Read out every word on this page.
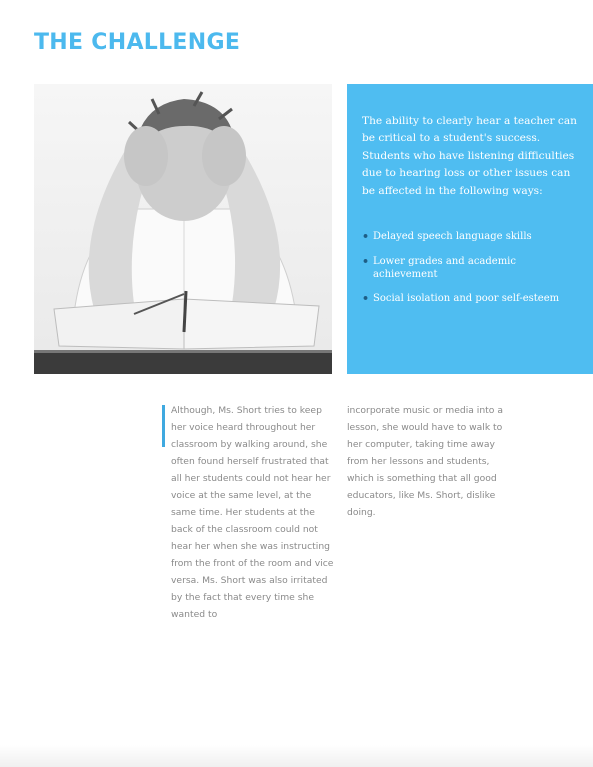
THE CHALLENGE

The ability to clearly hear a teacher can be critical to a student's success. Students who have listening difficulties due to hearing loss or other issues can be affected in the following ways:

• Delayed speech language skills
• Lower grades and academic achievement
• Social isolation and poor self-esteem

Although, Ms. Short tries to keep her voice heard throughout her classroom by walking around, she often found herself frustrated that all her students could not hear her voice at the same level, at the same time. Her students at the back of the classroom could not hear her when she was instructing from the front of the room and vice versa. Ms. Short was also irritated by the fact that every time she wanted to

incorporate music or media into a lesson, she would have to walk to her computer, taking time away from her lessons and students, which is something that all good educators, like Ms. Short, dislike doing.
